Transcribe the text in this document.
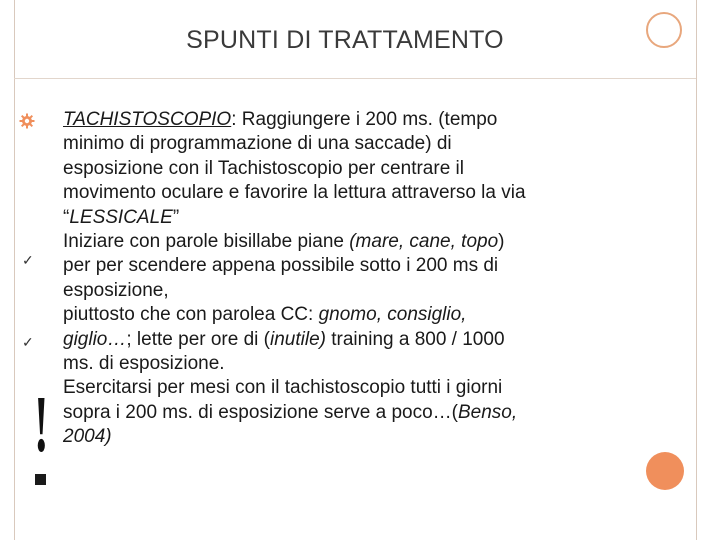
SPUNTI DI TRATTAMENTO
✓
✓
!
TACHISTOSCOPIO: Raggiungere i 200 ms. (tempo
minimo di programmazione di una saccade) di
esposizione con il Tachistoscopio per centrare il
movimento oculare e favorire la lettura attraverso la via
“LESSICALE”
Iniziare con parole bisillabe piane (mare, cane, topo)
per per scendere appena possibile sotto i 200 ms di
esposizione,
piuttosto che con parolea CC: gnomo, consiglio,
giglio…; lette per ore di (inutile) training a 800 / 1000
ms. di esposizione.
Esercitarsi per mesi con il tachistoscopio tutti i giorni
sopra i 200 ms. di esposizione serve a poco…(Benso,
2004)
